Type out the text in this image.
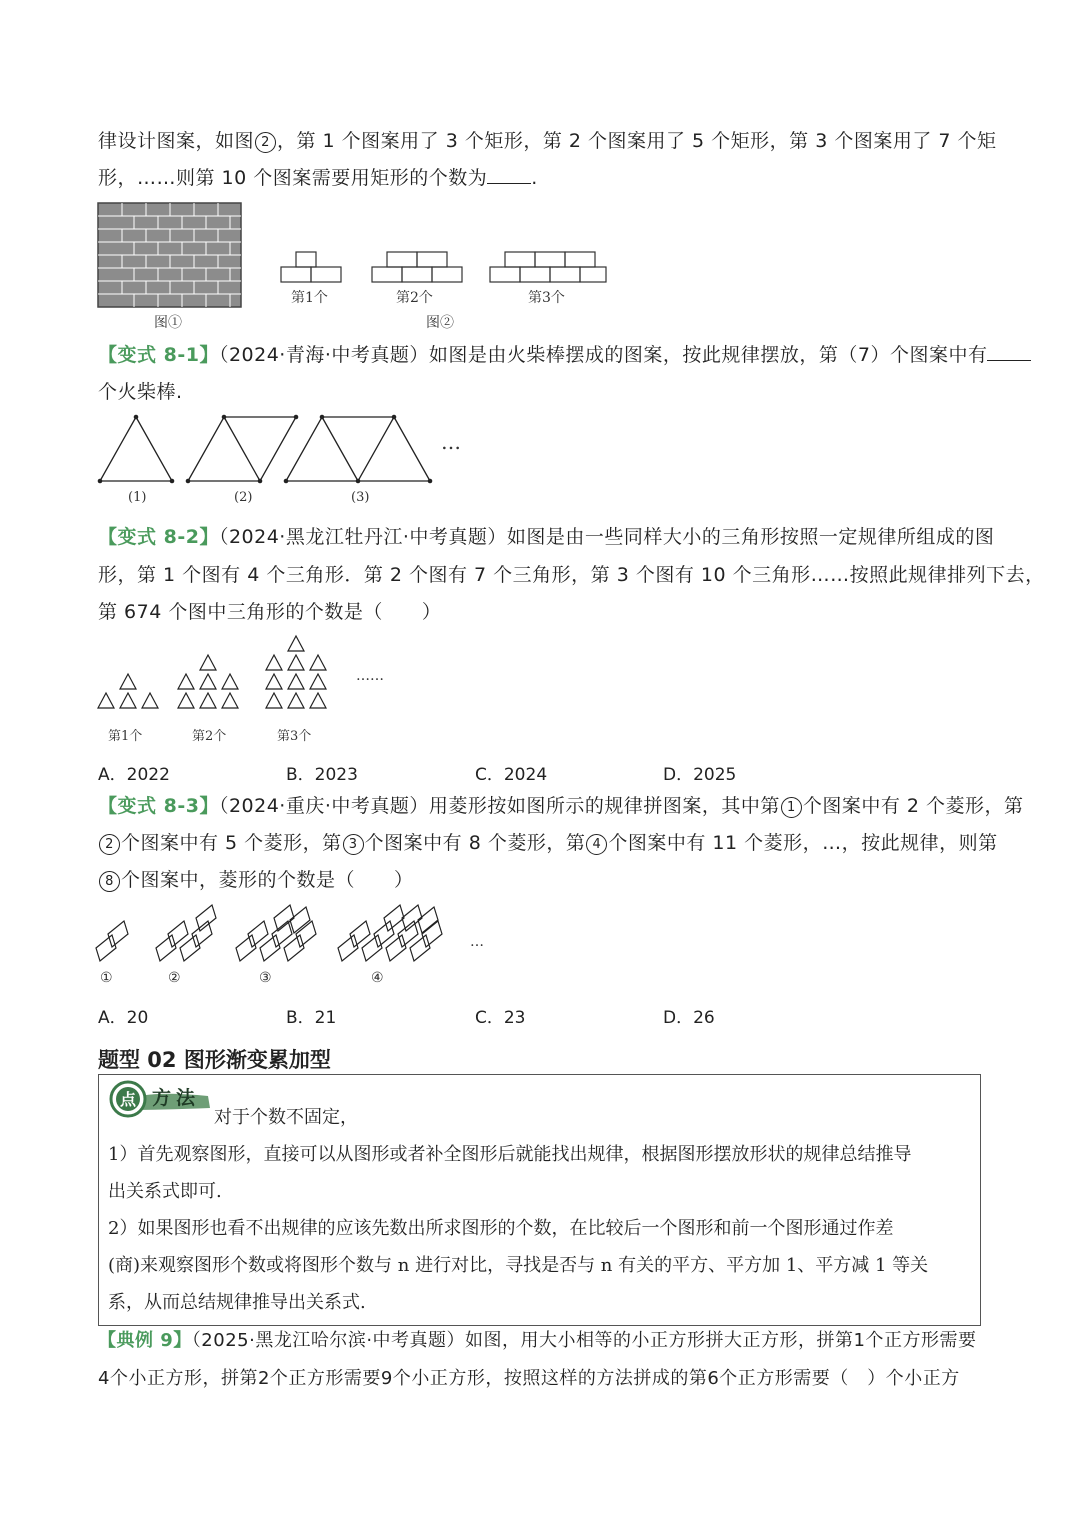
律设计图案，如图 2 ，第 1 个图案用了 3 个矩形，第 2 个图案用了 5 个矩形，第 3 个图案用了 7 个矩
形，……则第 10 个图案需要用矩形的个数为 .
图①
第1个	第2个	第3个
图②
【变式 8-1】（2024·青海·中考真题）如图是由火柴棒摆成的图案，按此规律摆放，第（7）个图案中有
个火柴棒.
…
(1)	(2)	(3)
【变式 8-2】（2024·黑龙江牡丹江·中考真题）如图是由一些同样大小的三角形按照一定规律所组成的图
形，第 1 个图有 4 个三角形．第 2 个图有 7 个三角形，第 3 个图有 10 个三角形……按照此规律排列下去，
第 674 个图中三角形的个数是（　　）
……
第1个	第2个	第3个
A．2022	B．2023	C．2024	D．2025
【变式 8-3】（2024·重庆·中考真题）用菱形按如图所示的规律拼图案，其中第 1 个图案中有 2 个菱形，第
2 个图案中有 5 个菱形，第 3 个图案中有 8 个菱形，第 4 个图案中有 11 个菱形，…，按此规律，则第
8 个图案中，菱形的个数是（　　）
…
①	②	③	④
A．20	B．21	C．23	D．26
题型 02 图形渐变累加型
点 方 法
对于个数不固定，
1）首先观察图形，直接可以从图形或者补全图形后就能找出规律，根据图形摆放形状的规律总结推导
出关系式即可.
2）如果图形也看不出规律的应该先数出所求图形的个数，在比较后一个图形和前一个图形通过作差
(商)来观察图形个数或将图形个数与 n 进行对比，寻找是否与 n 有关的平方、平方加 1、平方减 1 等关
系，从而总结规律推导出关系式.
【典例 9】（2025·黑龙江哈尔滨·中考真题）如图，用大小相等的小正方形拼大正方形，拼第1个正方形需要
4个小正方形，拼第2个正方形需要9个小正方形，按照这样的方法拼成的第6个正方形需要（　）个小正方
